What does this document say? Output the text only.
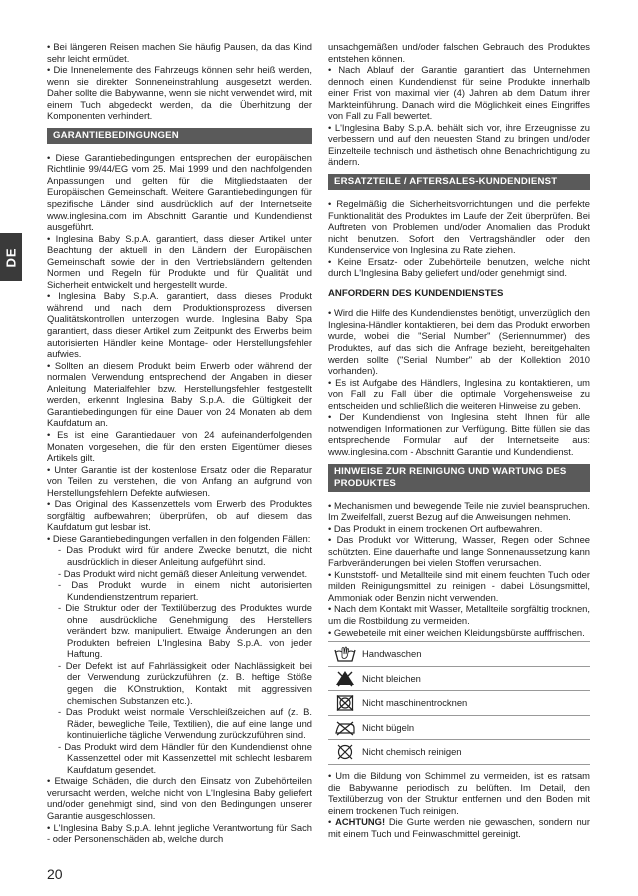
DE

• Bei längeren Reisen machen Sie häufig Pausen, da das Kind sehr leicht ermüdet.

• Die Innenelemente des Fahrzeugs können sehr heiß werden, wenn sie direkter Sonneneinstrahlung ausgesetzt werden. Daher sollte die Babywanne, wenn sie nicht verwendet wird, mit einem Tuch abgedeckt werden, da die Überhitzung der Komponenten verhindert.

GARANTIEBEDINGUNGEN

• Diese Garantiebedingungen entsprechen der europäischen Richtlinie 99/44/EG vom 25. Mai 1999 und den nachfolgenden Anpassungen und gelten für die Mitgliedstaaten der Europäischen Gemeinschaft. Weitere Garantiebedingungen für spezifische Länder sind ausdrücklich auf der Internetseite www.inglesina.com im Abschnitt Garantie und Kundendienst ausgeführt.

• Inglesina Baby S.p.A. garantiert, dass dieser Artikel unter Beachtung der aktuell in den Ländern der Europäischen Gemeinschaft sowie der in den Vertriebsländern geltenden Normen und Regeln für Produkte und für Qualität und Sicherheit entwickelt und hergestellt wurde.

• Inglesina Baby S.p.A. garantiert, dass dieses Produkt während und nach dem Produktionsprozess diversen Qualitätskontrollen unterzogen wurde. Inglesina Baby Spa garantiert, dass dieser Artikel zum Zeitpunkt des Erwerbs beim autorisierten Händler keine Montage- oder Herstellungsfehler aufwies.

• Sollten an diesem Produkt beim Erwerb oder während der normalen Verwendung entsprechend der Angaben in dieser Anleitung Materialfehler bzw. Herstellungsfehler festgestellt werden, erkennt Inglesina Baby S.p.A. die Gültigkeit der Garantiebedingungen für eine Dauer von 24 Monaten ab dem Kaufdatum an.

• Es ist eine Garantiedauer von 24 aufeinanderfolgenden Monaten vorgesehen, die für den ersten Eigentümer dieses Artikels gilt.

• Unter Garantie ist der kostenlose Ersatz oder die Reparatur von Teilen zu verstehen, die von Anfang an aufgrund von Herstellungsfehlern Defekte aufwiesen.

• Das Original des Kassenzettels vom Erwerb des Produktes sorgfältig aufbewahren; überprüfen, ob auf diesem das Kaufdatum gut lesbar ist.

• Diese Garantiebedingungen verfallen in den folgenden Fällen:

- Das Produkt wird für andere Zwecke benutzt, die nicht ausdrücklich in dieser Anleitung aufgeführt sind.
- Das Produkt wird nicht gemäß dieser Anleitung verwendet.
- Das Produkt wurde in einem nicht autorisierten Kundendienstzentrum repariert.
- Die Struktur oder der Textilüberzug des Produktes wurde ohne ausdrückliche Genehmigung des Herstellers verändert bzw. manipuliert. Etwaige Änderungen an den Produkten befreien L'Inglesina Baby S.p.A. von jeder Haftung.
- Der Defekt ist auf Fahrlässigkeit oder Nachlässigkeit bei der Verwendung zurückzuführen (z. B. heftige Stöße gegen die KOnstruktion, Kontakt mit aggressiven chemischen Substanzen etc.).
- Das Produkt weist normale Verschleißzeichen auf (z. B. Räder, bewegliche Teile, Textilien), die auf eine lange und kontinuierliche tägliche Verwendung zurückzuführen sind.
- Das Produkt wird dem Händler für den Kundendienst ohne Kassenzettel oder mit Kassenzettel mit schlecht lesbarem Kaufdatum gesendet.

• Etwaige Schäden, die durch den Einsatz von Zubehörteilen verursacht werden, welche nicht von L'Inglesina Baby geliefert und/oder genehmigt sind, sind von den Bedingungen unserer Garantie ausgeschlossen.

• L'Inglesina Baby S.p.A. lehnt jegliche Verantwortung für Sach - oder Personenschäden ab, welche durch

unsachgemäßen und/oder falschen Gebrauch des Produktes entstehen können.

• Nach Ablauf der Garantie garantiert das Unternehmen dennoch einen Kundendienst für seine Produkte innerhalb einer Frist von maximal vier (4) Jahren ab dem Datum ihrer Markteinführung. Danach wird die Möglichkeit eines Eingriffes von Fall zu Fall bewertet.

• L'Inglesina Baby S.p.A. behält sich vor, ihre Erzeugnisse zu verbessern und auf den neuesten Stand zu bringen und/oder Einzelteile technisch und ästhetisch ohne Benachrichtigung zu ändern.

ERSATZTEILE / AFTERSALES-KUNDENDIENST

• Regelmäßig die Sicherheitsvorrichtungen und die perfekte Funktionalität des Produktes im Laufe der Zeit überprüfen. Bei Auftreten von Problemen und/oder Anomalien das Produkt nicht benutzen. Sofort den Vertragshändler oder den Kundenservice von Inglesina zu Rate ziehen.

• Keine Ersatz- oder Zubehörteile benutzen, welche nicht durch L'Inglesina Baby geliefert und/oder genehmigt sind.

ANFORDERN DES KUNDENDIENSTES

• Wird die Hilfe des Kundendienstes benötigt, unverzüglich den Inglesina-Händler kontaktieren, bei dem das Produkt erworben wurde, wobei die "Serial Number" (Seriennummer) des Produktes, auf das sich die Anfrage bezieht, bereitgehalten werden sollte ("Serial Number" ab der Kollektion 2010 vorhanden).

• Es ist Aufgabe des Händlers, Inglesina zu kontaktieren, um von Fall zu Fall über die optimale Vorgehensweise zu entscheiden und schließlich die weiteren Hinweise zu geben.

• Der Kundendienst von Inglesina steht Ihnen für alle notwendigen Informationen zur Verfügung. Bitte füllen sie das entsprechende Formular auf der Internetseite aus: www.inglesina.com - Abschnitt Garantie und Kundendienst.

HINWEISE ZUR REINIGUNG UND WARTUNG DES PRODUKTES

• Mechanismen und bewegende Teile nie zuviel beanspruchen. Im Zweifelfall, zuerst Bezug auf die Anweisungen nehmen.

• Das Produkt in einem trockenen Ort aufbewahren.

• Das Produkt vor Witterung, Wasser, Regen oder Schnee schützten. Eine dauerhafte und lange Sonnenaussetzung kann Farbveränderungen bei vielen Stoffen verursachen.

• Kunststoff- und Metallteile sind mit einem feuchten Tuch oder milden Reinigungsmittel zu reinigen - dabei Lösungsmittel, Ammoniak oder Benzin nicht verwenden.

• Nach dem Kontakt mit Wasser, Metallteile sorgfältig trocknen, um die Rostbildung zu vermeiden.

• Gewebeteile mit einer weichen Kleidungsbürste aufffrischen.

Handwaschen
Nicht bleichen
Nicht maschinentrocknen
Nicht bügeln
Nicht chemisch reinigen

• Um die Bildung von Schimmel zu vermeiden, ist es ratsam die Babywanne periodisch zu belüften. Im Detail, den Textilüberzug von der Struktur entfernen und den Boden mit einem trockenen Tuch reinigen.

• ACHTUNG! Die Gurte werden nie gewaschen, sondern nur mit einem Tuch und Feinwaschmittel gereinigt.

20
